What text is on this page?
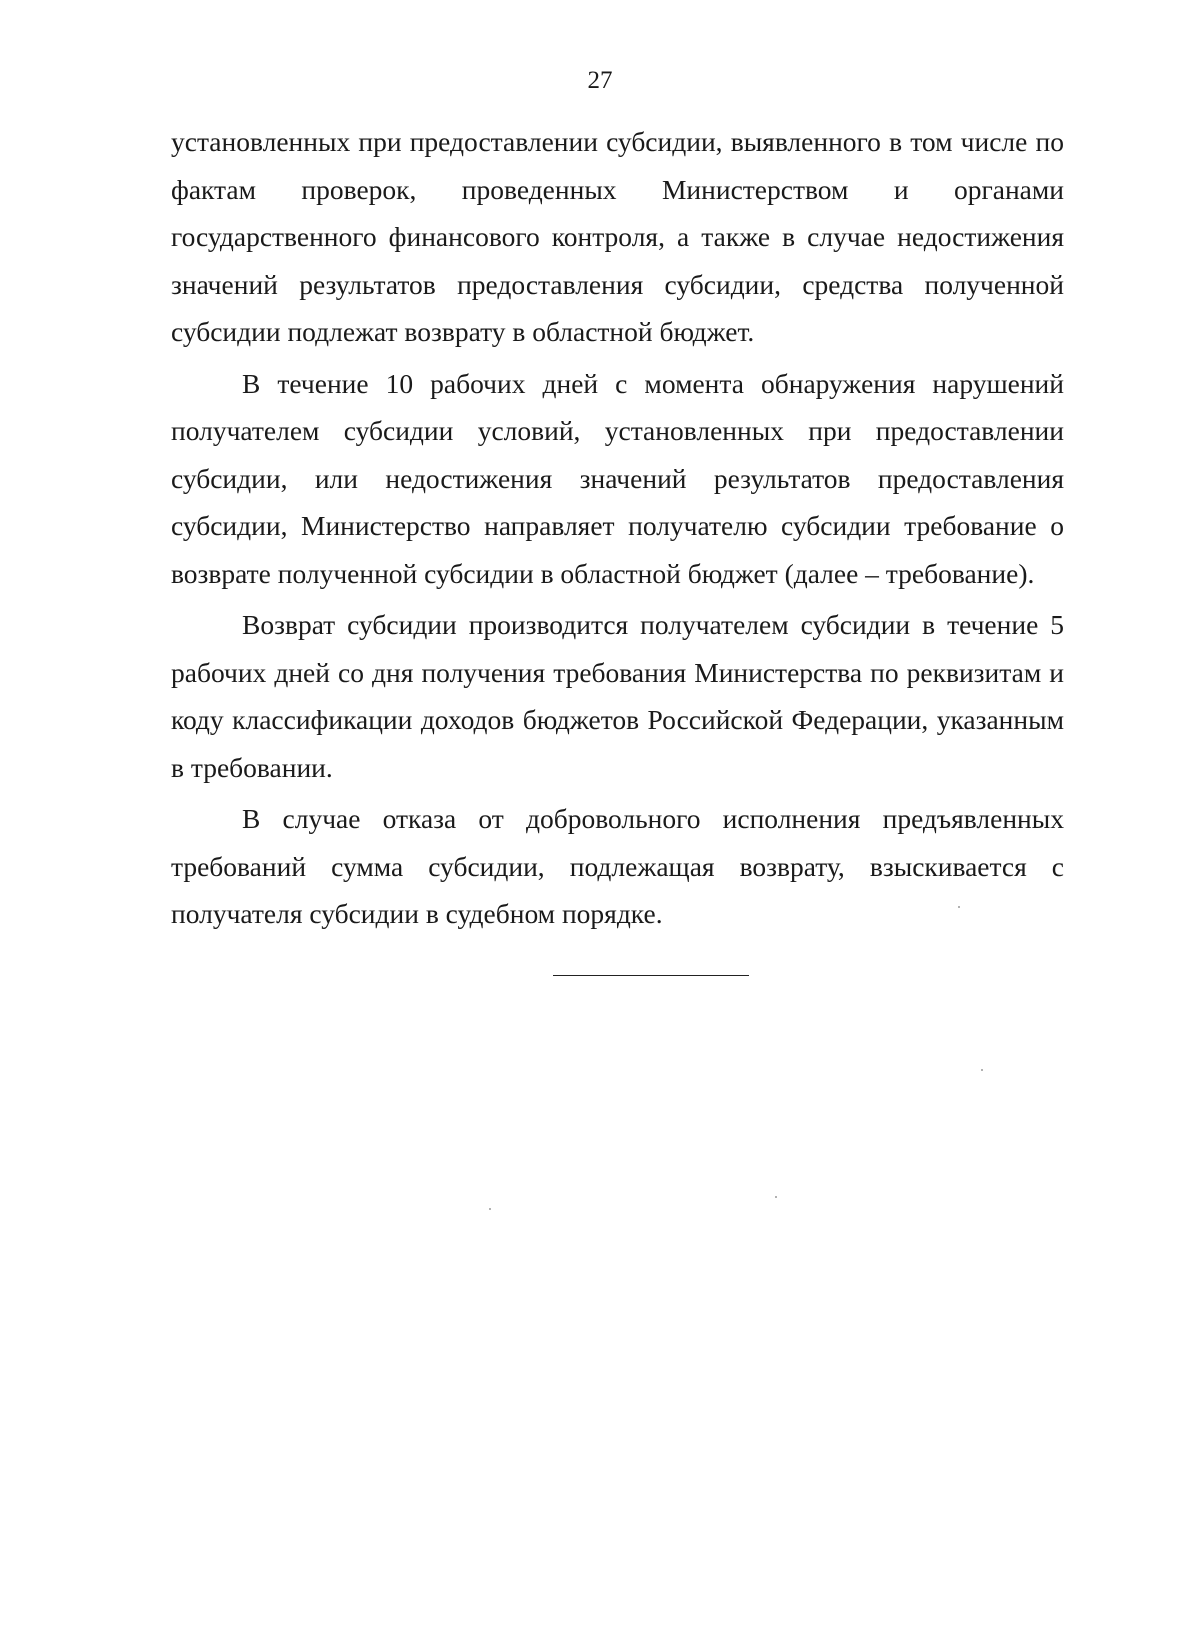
27

установленных при предоставлении субсидии, выявленного в том числе по фактам проверок, проведенных Министерством и органами государственного финансового контроля, а также в случае недостижения значений результатов предоставления субсидии, средства полученной субсидии подлежат возврату в областной бюджет.

В течение 10 рабочих дней с момента обнаружения нарушений получателем субсидии условий, установленных при предоставлении субсидии, или недостижения значений результатов предоставления субсидии, Министерство направляет получателю субсидии требование о возврате полученной субсидии в областной бюджет (далее – требование).

Возврат субсидии производится получателем субсидии в течение 5 рабочих дней со дня получения требования Министерства по реквизитам и коду классификации доходов бюджетов Российской Федерации, указанным в требовании.

В случае отказа от добровольного исполнения предъявленных требований сумма субсидии, подлежащая возврату, взыскивается с получателя субсидии в судебном порядке.
